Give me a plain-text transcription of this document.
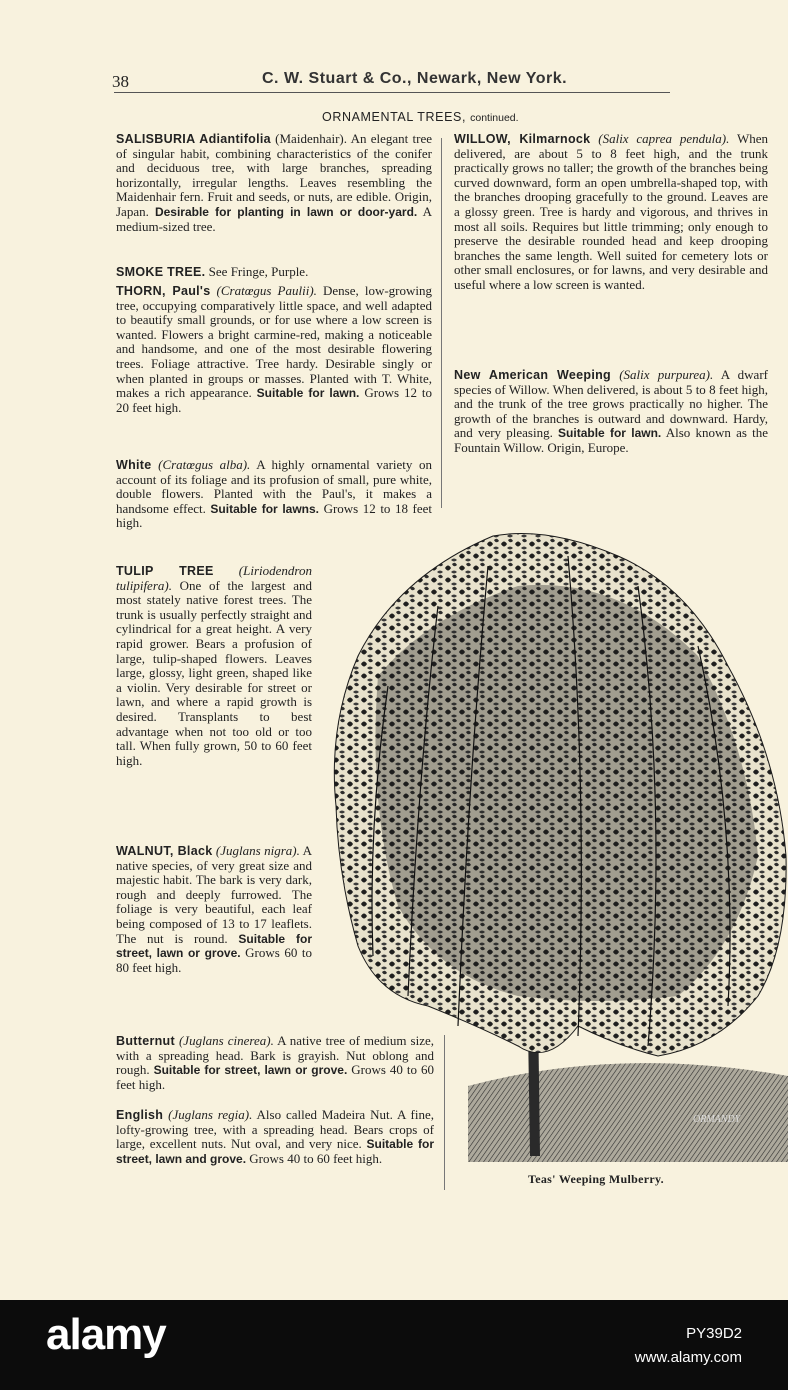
38	C. W. Stuart & Co., Newark, New York.
ORNAMENTAL TREES, continued.
SALISBURIA Adiantifolia (Maidenhair). An elegant tree of singular habit, combining characteristics of the conifer and deciduous tree, with large branches, spreading horizontally, irregular lengths. Leaves resembling the Maidenhair fern. Fruit and seeds, or nuts, are edible. Origin, Japan. Desirable for planting in lawn or door-yard. A medium-sized tree.
SMOKE TREE. See Fringe, Purple.
THORN, Paul's (Cratœgus Paulii). Dense, low-growing tree, occupying comparatively little space, and well adapted to beautify small grounds, or for use where a low screen is wanted. Flowers a bright carmine-red, making a noticeable and handsome, and one of the most desirable flowering trees. Foliage attractive. Tree hardy. Desirable singly or when planted in groups or masses. Planted with T. White, makes a rich appearance. Suitable for lawn. Grows 12 to 20 feet high.
White (Cratœgus alba). A highly ornamental variety on account of its foliage and its profusion of small, pure white, double flowers. Planted with the Paul's, it makes a handsome effect. Suitable for lawns. Grows 12 to 18 feet high.
TULIP TREE (Liriodendron tulipifera). One of the largest and most stately native forest trees. The trunk is usually perfectly straight and cylindrical for a great height. A very rapid grower. Bears a profusion of large, tulip-shaped flowers. Leaves large, glossy, light green, shaped like a violin. Very desirable for street or lawn, and where a rapid growth is desired. Transplants to best advantage when not too old or too tall. When fully grown, 50 to 60 feet high.
WALNUT, Black (Juglans nigra). A native species, of very great size and majestic habit. The bark is very dark, rough and deeply furrowed. The foliage is very beautiful, each leaf being composed of 13 to 17 leaflets. The nut is round. Suitable for street, lawn or grove. Grows 60 to 80 feet high.
Butternut (Juglans cinerea). A native tree of medium size, with a spreading head. Bark is grayish. Nut oblong and rough. Suitable for street, lawn or grove. Grows 40 to 60 feet high.
English (Juglans regia). Also called Madeira Nut. A fine, lofty-growing tree, with a spreading head. Bears crops of large, excellent nuts. Nut oval, and very nice. Suitable for street, lawn and grove. Grows 40 to 60 feet high.
WILLOW, Kilmarnock (Salix caprea pendula). When delivered, are about 5 to 8 feet high, and the trunk practically grows no taller; the growth of the branches being curved downward, form an open umbrella-shaped top, with the branches drooping gracefully to the ground. Leaves are a glossy green. Tree is hardy and vigorous, and thrives in most all soils. Requires but little trimming; only enough to preserve the desirable rounded head and keep drooping branches the same length. Well suited for cemetery lots or other small enclosures, or for lawns, and very desirable and useful where a low screen is wanted.
New American Weeping (Salix purpurea). A dwarf species of Willow. When delivered, is about 5 to 8 feet high, and the trunk of the tree grows practically no higher. The growth of the branches is outward and downward. Hardy, and very pleasing. Suitable for lawn. Also known as the Fountain Willow. Origin, Europe.
ORMANDY
Teas' Weeping Mulberry.
alamy	PY39D2
www.alamy.com
